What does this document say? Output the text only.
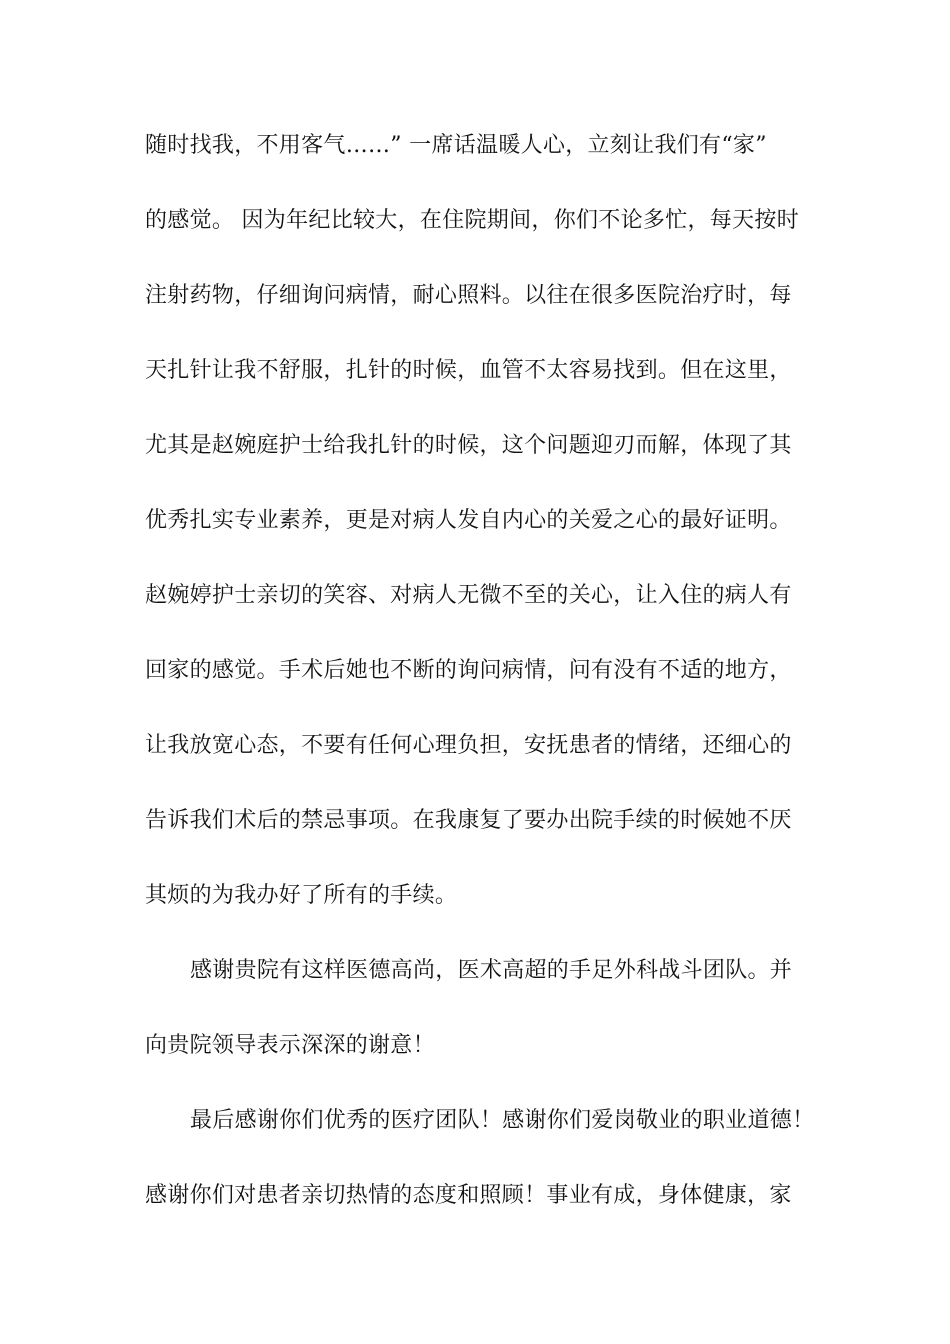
随时找我，不用客气……” 一席话温暖人心，立刻让我们有“家”
的感觉。 因为年纪比较大，在住院期间，你们不论多忙，每天按时
注射药物，仔细询问病情，耐心照料。以往在很多医院治疗时，每
天扎针让我不舒服，扎针的时候，血管不太容易找到。但在这里，
尤其是赵婉庭护士给我扎针的时候，这个问题迎刃而解，体现了其
优秀扎实专业素养，更是对病人发自内心的关爱之心的最好证明。
赵婉婷护士亲切的笑容、对病人无微不至的关心，让入住的病人有
回家的感觉。手术后她也不断的询问病情，问有没有不适的地方，
让我放宽心态，不要有任何心理负担，安抚患者的情绪，还细心的
告诉我们术后的禁忌事项。在我康复了要办出院手续的时候她不厌
其烦的为我办好了所有的手续。
感谢贵院有这样医德高尚，医术高超的手足外科战斗团队。并
向贵院领导表示深深的谢意！
最后感谢你们优秀的医疗团队！感谢你们爱岗敬业的职业道德！
感谢你们对患者亲切热情的态度和照顾！事业有成，身体健康，家
